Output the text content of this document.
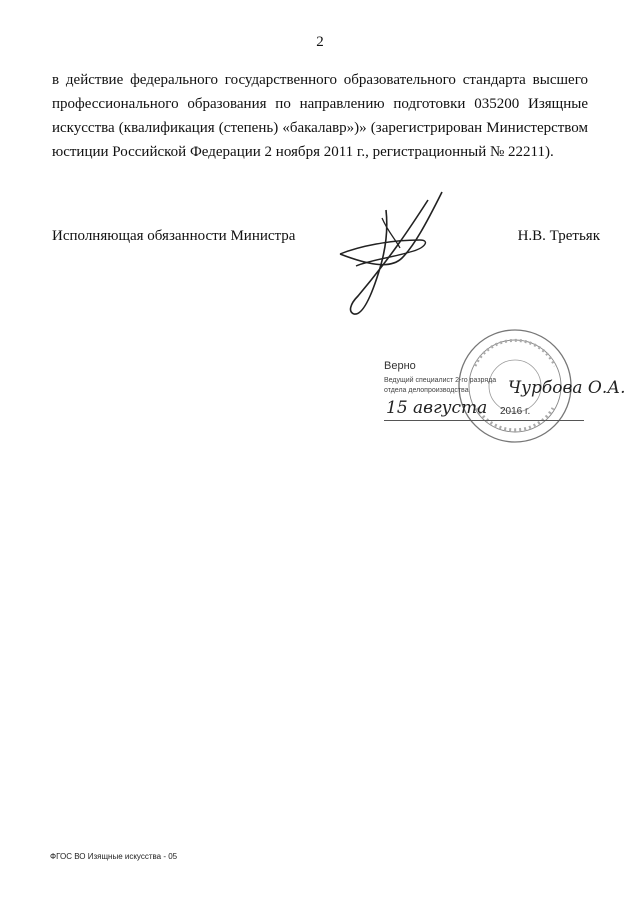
2
в действие федерального государственного образовательного стандарта высшего профессионального образования по направлению подготовки 035200 Изящные искусства (квалификация (степень) «бакалавр»)» (зарегистрирован Министерством юстиции Российской Федерации 2 ноября 2011 г., регистрационный № 22211).
Исполняющая обязанности Министра	Н.В. Третьяк
Верно
Ведущий специалист 2-го разряда
отдела делопроизводства Чурбова О.А.
15 августа 2016 г.
ФГОС ВО Изящные искусства - 05
